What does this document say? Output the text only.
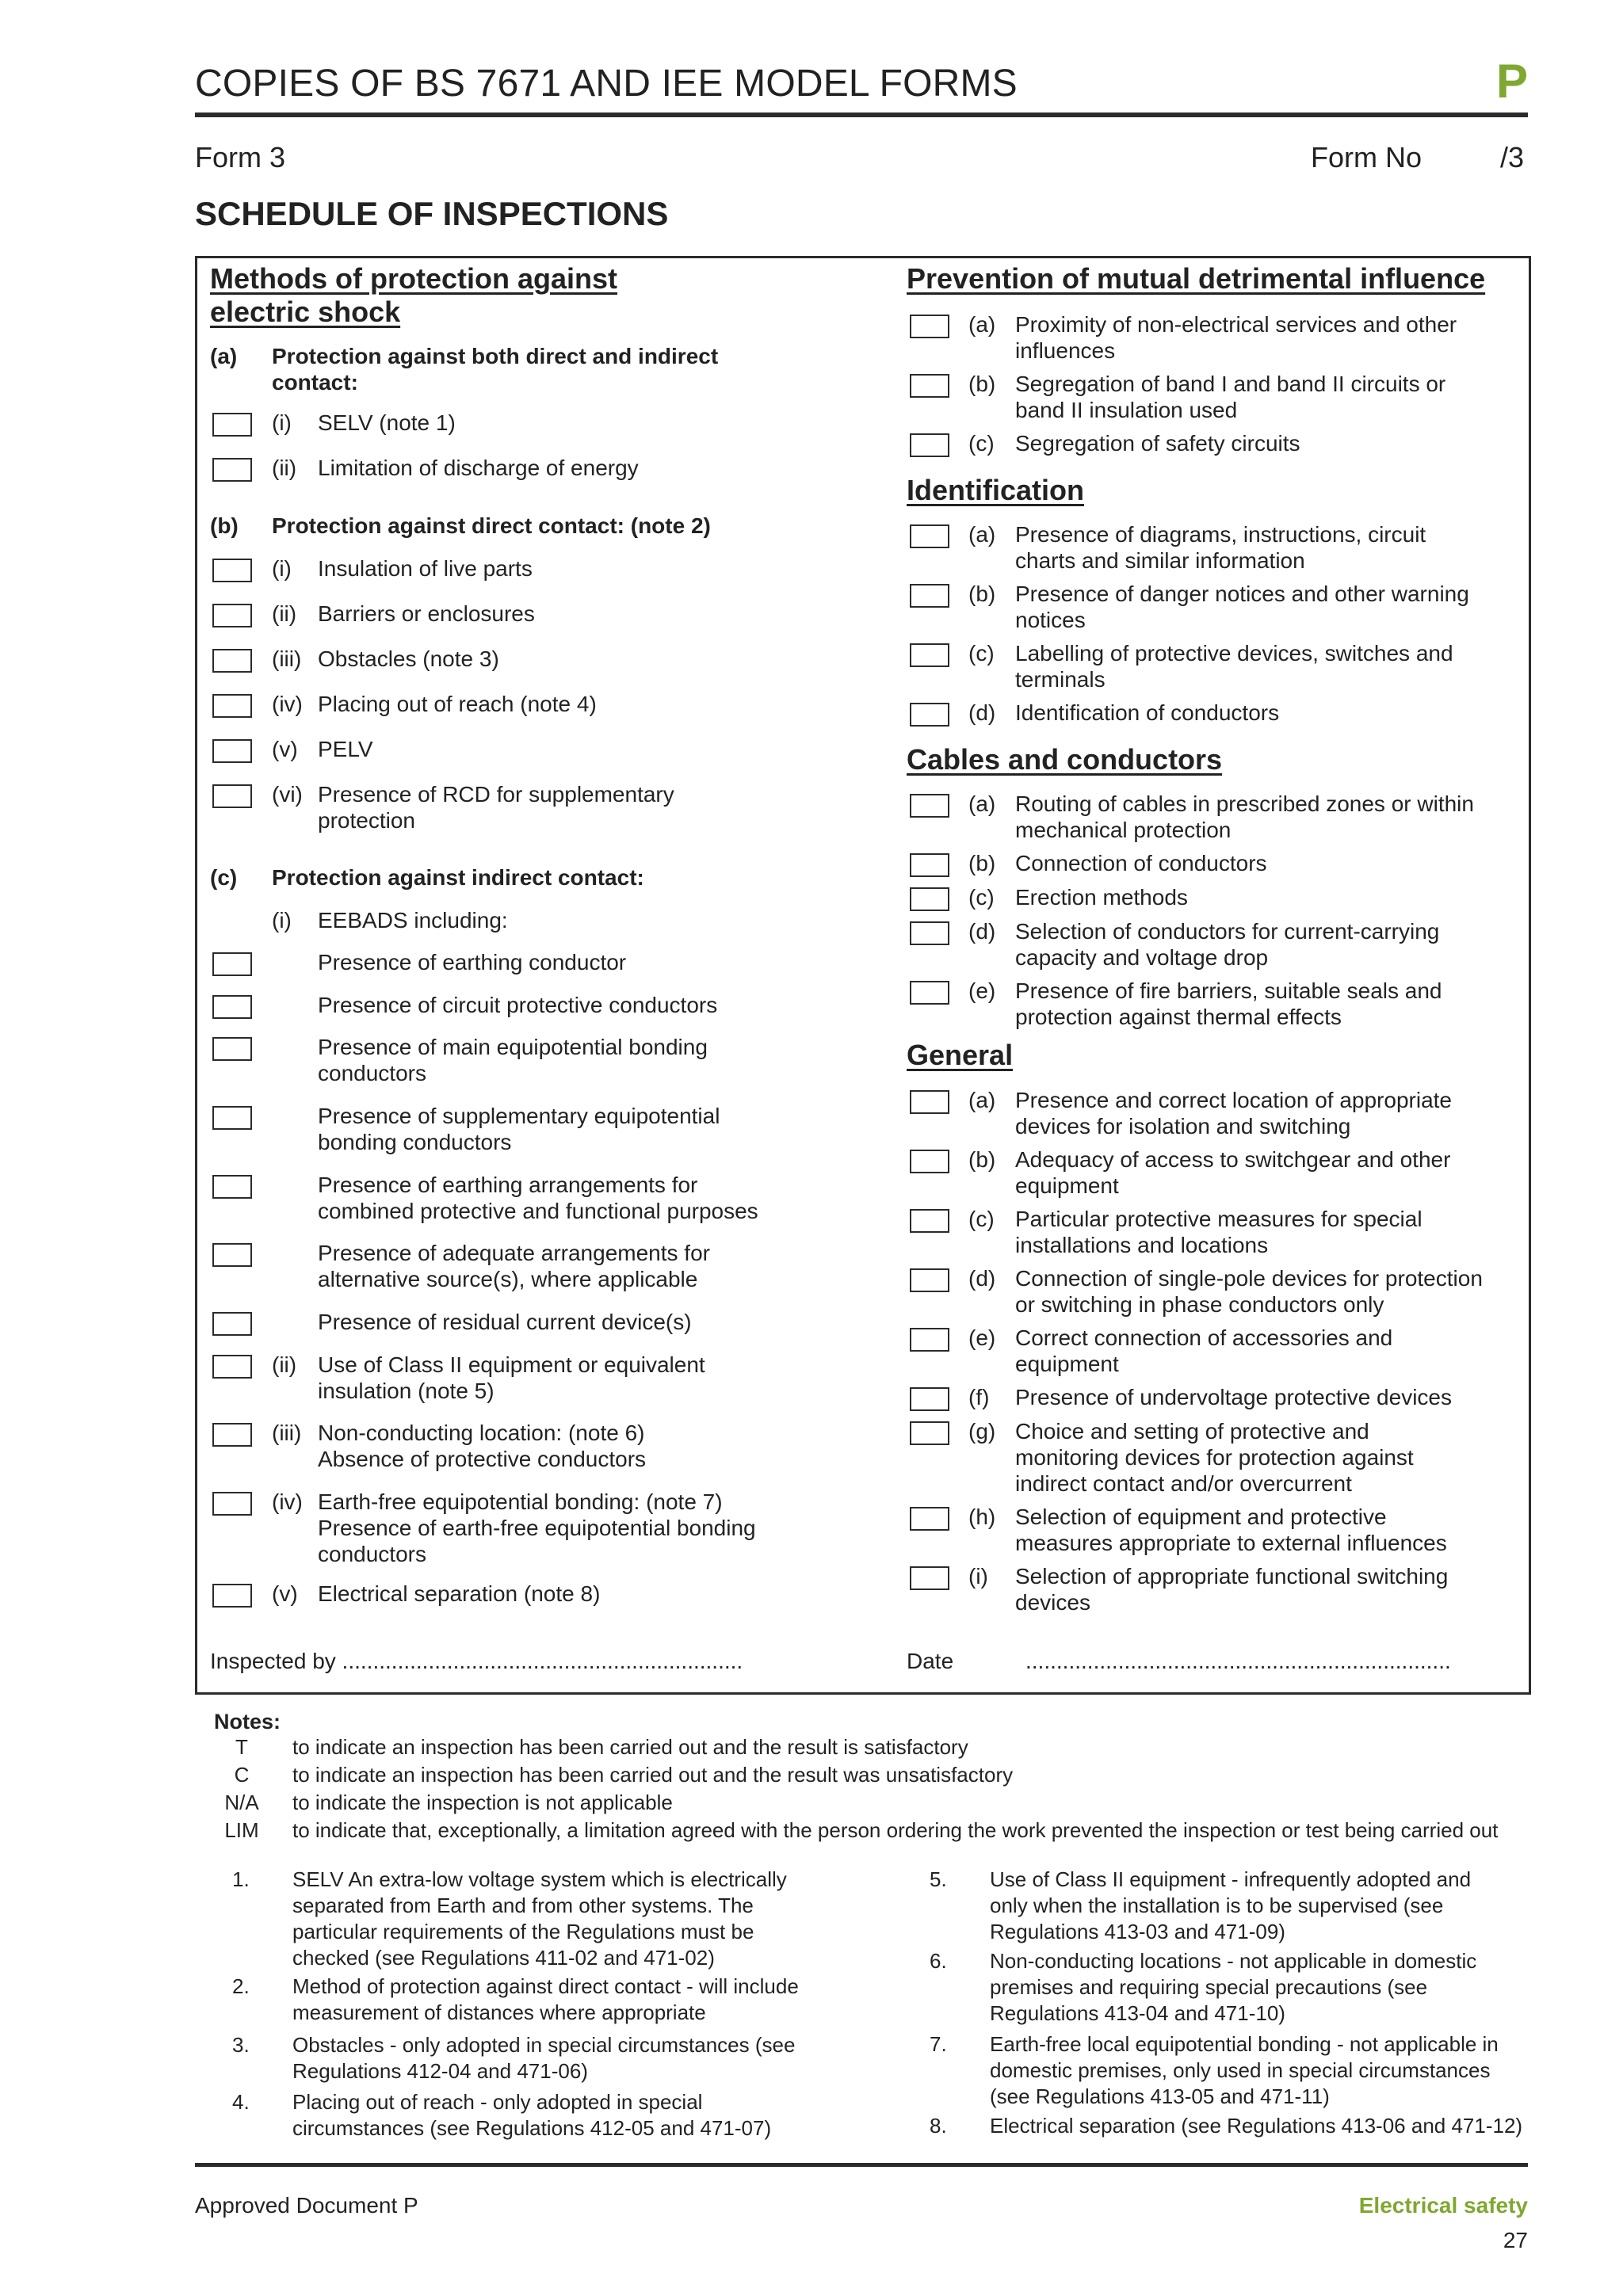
COPIES OF BS 7671 AND IEE MODEL FORMS	P
Form 3	Form No	/3
SCHEDULE OF INSPECTIONS
Methods of protection against
electric shock
(a) Protection against both direct and indirect
contact:
(b) Protection against direct contact: (note 2)
(c) Protection against indirect contact:
(i) EEBADS including:
Inspected by .................................................................
Prevention of mutual detrimental influence
Identification
Cables and conductors
General
Date	.....................................................................
Notes:
Approved Document P	Electrical safety
27
(i) SELV (note 1)
(ii) Limitation of discharge of energy
(i) Insulation of live parts
(ii) Barriers or enclosures
(iii) Obstacles (note 3)
(iv) Placing out of reach (note 4)
(v) PELV
(vi) Presence of RCD for supplementary
protection
Presence of earthing conductor
Presence of circuit protective conductors
Presence of main equipotential bonding
conductors
Presence of supplementary equipotential
bonding conductors
Presence of earthing arrangements for
combined protective and functional purposes
Presence of adequate arrangements for
alternative source(s), where applicable
Presence of residual current device(s)
(ii) Use of Class II equipment or equivalent
insulation (note 5)
(iii) Non-conducting location: (note 6)
Absence of protective conductors
(iv) Earth-free equipotential bonding: (note 7)
Presence of earth-free equipotential bonding
conductors
(v) Electrical separation (note 8)
(a) Proximity of non-electrical services and other
influences
(b) Segregation of band I and band II circuits or
band II insulation used
(c) Segregation of safety circuits
(a) Presence of diagrams, instructions, circuit
charts and similar information
(b) Presence of danger notices and other warning
notices
(c) Labelling of protective devices, switches and
terminals
(d) Identification of conductors
(a) Routing of cables in prescribed zones or within
mechanical protection
(b) Connection of conductors
(c) Erection methods
(d) Selection of conductors for current-carrying
capacity and voltage drop
(e) Presence of fire barriers, suitable seals and
protection against thermal effects
(a) Presence and correct location of appropriate
devices for isolation and switching
(b) Adequacy of access to switchgear and other
equipment
(c) Particular protective measures for special
installations and locations
(d) Connection of single-pole devices for protection
or switching in phase conductors only
(e) Correct connection of accessories and
equipment
(f) Presence of undervoltage protective devices
(g) Choice and setting of protective and
monitoring devices for protection against
indirect contact and/or overcurrent
(h) Selection of equipment and protective
measures appropriate to external influences
(i) Selection of appropriate functional switching
devices
T	to indicate an inspection has been carried out and the result is satisfactory
C	to indicate an inspection has been carried out and the result was unsatisfactory
N/A	to indicate the inspection is not applicable
LIM	to indicate that, exceptionally, a limitation agreed with the person ordering the work prevented the inspection or test being carried out
1. SELV An extra-low voltage system which is electrically
separated from Earth and from other systems. The
particular requirements of the Regulations must be
checked (see Regulations 411-02 and 471-02)
2. Method of protection against direct contact - will include
measurement of distances where appropriate
3. Obstacles - only adopted in special circumstances (see
Regulations 412-04 and 471-06)
4. Placing out of reach - only adopted in special
circumstances (see Regulations 412-05 and 471-07)
5. Use of Class II equipment - infrequently adopted and
only when the installation is to be supervised (see
Regulations 413-03 and 471-09)
6. Non-conducting locations - not applicable in domestic
premises and requiring special precautions (see
Regulations 413-04 and 471-10)
7. Earth-free local equipotential bonding - not applicable in
domestic premises, only used in special circumstances
(see Regulations 413-05 and 471-11)
8. Electrical separation (see Regulations 413-06 and 471-12)
